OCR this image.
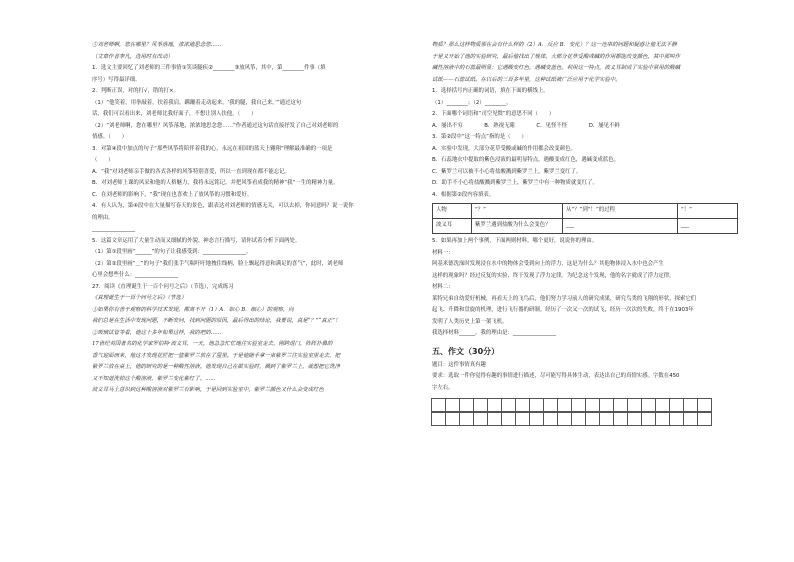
⑤刘老师啊，您在哪里？风筝落地，浓浓地思念您……
（文章作者李凡，选用时有改动）
1．选文主要回忆了刘老师的三件事情①笑谈腿疾②________③放风筝，其中，第________件事（填
序号）写得最详细。
2．判断正误，对的打√，错的打×。
（1）“他笑着，用拳敲着，扶着我肩，蹒跚着走动起来。‘我的腿，我自己来。’”通过这句
话，我们可以看出来，刘老师比我好面子，不想让别人扶他。（　　）
（2）“刘老师啊，您在哪里？风筝落地，浓浓地思念您……”作者通过这句话直接抒发了自己对刘老师的
情感。（　　）
3．对第④段中加点的句子“那些风筝将陪伴着我的心，永远在祖国的蓝天上翱翔”理解最准确的一项是
（　　）
A．“我”对刘老师亲手做的各式各样的风筝特别喜爱，所以一直到现在都不能忘记。
B．对刘老师上课的风采和他的人格魅力，我将永远铭记，并把风筝看成我的精神“我”一生的精神力量。
C．在刘老师的影响下，“我”现在也喜欢上了放风筝的习惯和爱好。
4．有人认为，第④段中在大量描写春天的景色，跟表达对刘老师的情感无关，可以去掉，你同意吗？说一说你
的理由。
________________
5．这篇文章运用了大量生动而又细腻的外貌、神态言行描写，请你试着分析下面两处。
（1）第①段里画“______”的句子让我感受到：________________。
（2）第②段里画“＿”的句子“我们张手气喘吁吁地拽住线柄，脸上飘起得意和满足的喜气”，此时，刘老师
心里会想些什么：________________
27．阅读《直理诞生于一百个问号之后》（节选），完成练习
《真理诞生于一百个问号之后》（节选）
①如果你有善于观察的科学技术发现，都离不开（1）A．如心 B．细心）的观察，向
我们总是在生活中发现问题，不断发问，找到问题的原因，最后得出的结论，我要说，真是“？”“真正”！
②玻璃试管等着，他这十多年如果这样，我的吧的……
17世纪英国著名的化学家罗伯特·波义耳，一天，他急急忙忙地往实验室走去，刚跨进门，阵阵扑鼻的
香气迎面而来，他这才发现花匠把一篮紫罗兰放在了屋里。于是他随手拿一束紫罗兰往实验室里走去，把
紫罗兰放在桌上，他的研究的是一种酸性溶液。他发现自己在做实验时，溅到了紫罗兰上，就想把它洗净
又不知道洗掉这个酸溶液，紫罗兰变化紫红了。......
波义耳马上意识到这种酸溶液对紫罗兰有影响，于是回到实验室中，紫罗兰颜色又什么会变成红色
物质？那么这样物质那在会有什么样的（2）A．反应 B．变化）？这一连串的问题和疑惑让他无法平静
于是又开始了他的实验研究，最后他找出了规律。大部分花草受酸或碱的作用都能改变颜色，其中那叫作
碱性溶液中的石蕊最明显：它遇酸变红色，遇碱变蓝色。利用这一特点，波义耳制成了实验中常用的酸碱
试纸——石蕊试纸。在以后的三百多年里，这种试纸被广泛应用于化学实验中。
1．选择括号内正确的词语，填在下面的横线上。
（1）________；（2）________。
2．下面哪个词语和“司空见惯”的意思不同（　　）
A．屡出不穷　　　　B．熟视无睹　　　　C．见怪不怪　　　　D．屡见不鲜
3．第②段中“这一特点”指的是（　　）
A．实验中发现，大部分花草受酸或碱的作用都会改变颜色。
B．石蕊地衣中提取的紫色浸液的最明显特点，遇酸变成红色，遇碱变成蓝色。
C．紫罗兰可以被不小心将盐酸溅到紫罗兰上，紫罗兰变红了。
D．助手不小心将盐酸溅到紫罗兰上，紫罗兰中有一种物质就变红了。
4．根据第②段内容填表。
人物	“？”	从“？”到“！”的过程	“！”
波义耳	紫罗兰遇到盐酸为什么会变色？	___	___
5．如果再加上两个事例，下面两则材料，哪个更好，说说你的理由。
材料一：
阿基米德洗澡时发现浸在水中的物体会受到向上的浮力，这是为什么？其他物体浸入水中也会产生
这样的现象吗？经过反复的实验，终于发现了浮力定律。为纪念这个发现，他的名字就成了浮力定律。
材料二：
莱特兄弟自幼爱好机械，再看天上的飞鸟后，他们努力学习前人的研究成果，研究鸟类的飞翔的形状，探索它们
起飞、升降和盘旋的机理，进行飞行器的研制。经历了一次又一次的试飞，经历一次次的失败，终于在1903年
发明了人类历史上第一架飞机。
我选择材料______，我的理由是：________________
五、作文（30分）
题目：这件事情真有趣
要求：选取一件你觉得有趣的事情进行描述，尽可能写得具体生动，表达出自己的真情实感。字数在450
字左右。
